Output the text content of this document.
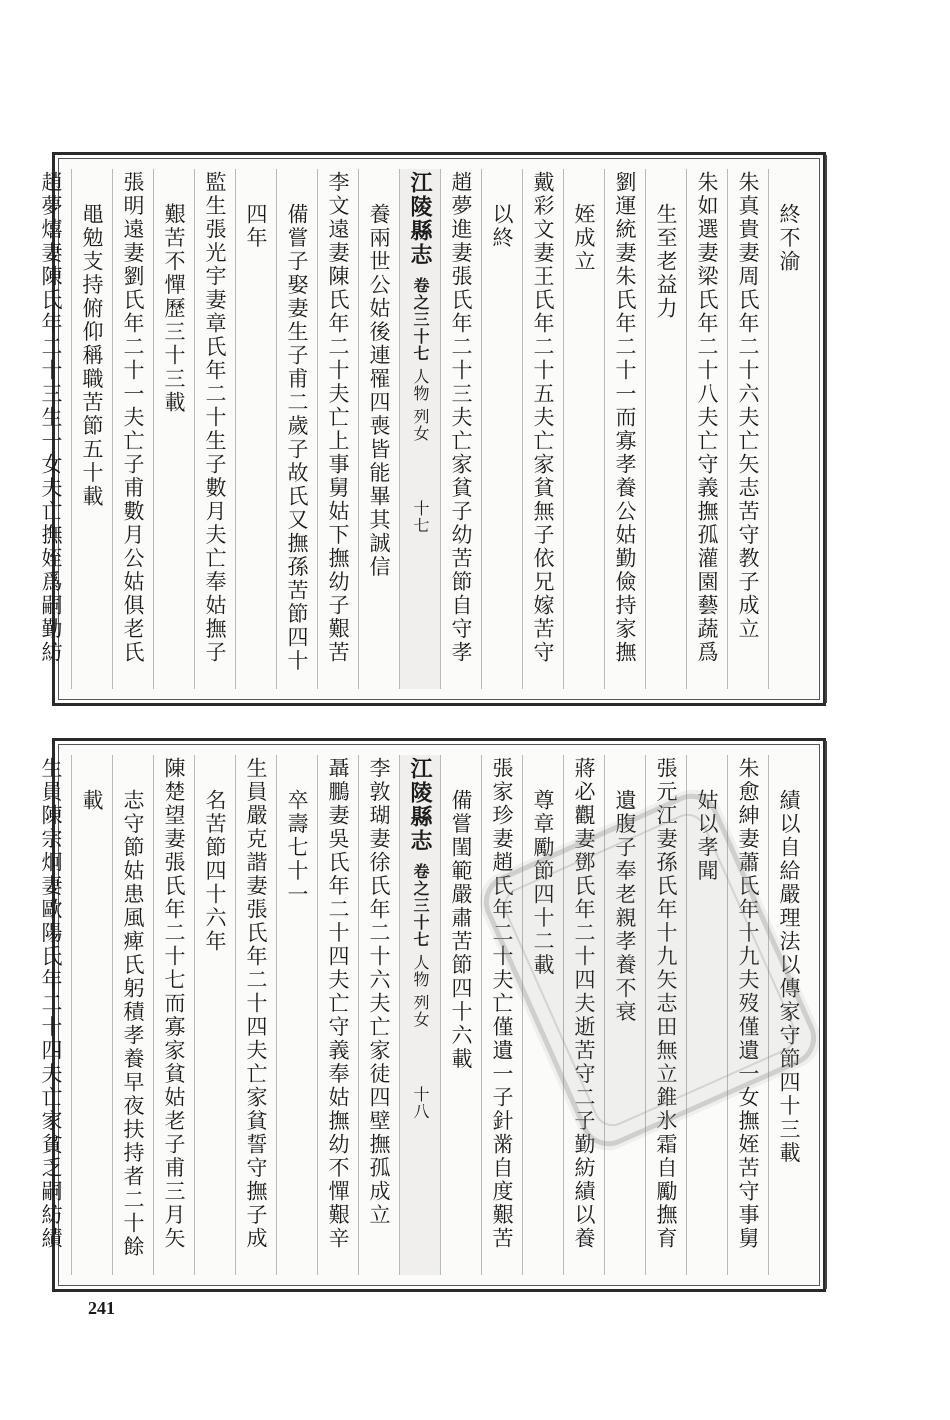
終不渝
朱真貴妻周氏年二十六夫亡矢志苦守教子成立
朱如選妻梁氏年二十八夫亡守義撫孤灌園藝蔬爲
生至老益力
劉運統妻朱氏年二十一而寡孝養公姑勤儉持家撫
姪成立
戴彩文妻王氏年二十五夫亡家貧無子依兄嫁苦守
以終
趙夢進妻張氏年二十三夫亡家貧子幼苦節自守孝
江陵縣志
卷之三十七
人物 列女
十七
養兩世公姑後連罹四喪皆能畢其誠信
李文遠妻陳氏年二十夫亡上事舅姑下撫幼子艱苦
備嘗子娶妻生子甫二歲子故氏又撫孫苦節四十
四年
監生張光宇妻章氏年二十生子數月夫亡奉姑撫子
艱苦不憚歷三十三載
張明遠妻劉氏年二十一夫亡子甫數月公姑俱老氏
黽勉支持俯仰稱職苦節五十載
趙夢熺妻陳氏年二十三生一女夫亡撫姪爲嗣勤紡
績以自給嚴理法以傳家守節四十三載
朱愈紳妻蕭氏年十九夫歿僅遺一女撫姪苦守事舅
姑以孝聞
張元江妻孫氏年十九矢志田無立錐氷霜自勵撫育
遺腹子奉老親孝養不衰
蔣必觀妻鄧氏年二十四夫逝苦守二子勤紡績以養
尊章勵節四十二載
張家珍妻趙氏年二十夫亡僅遺一子針黹自度艱苦
備嘗閨範嚴肅苦節四十六載
江陵縣志
卷之三十七
人物 列女
十八
李敦瑚妻徐氏年二十六夫亡家徒四壁撫孤成立
聶鵬妻吳氏年二十四夫亡守義奉姑撫幼不憚艱辛
卒壽七十一
生員嚴克諧妻張氏年二十四夫亡家貧誓守撫子成
名苦節四十六年
陳楚望妻張氏年二十七而寡家貧姑老子甫三月矢
志守節姑患風痺氏躬積孝養早夜扶持者二十餘
載
生員陳宗炯妻歐陽氏年二十四夫亡家貧乏嗣紡績
241
